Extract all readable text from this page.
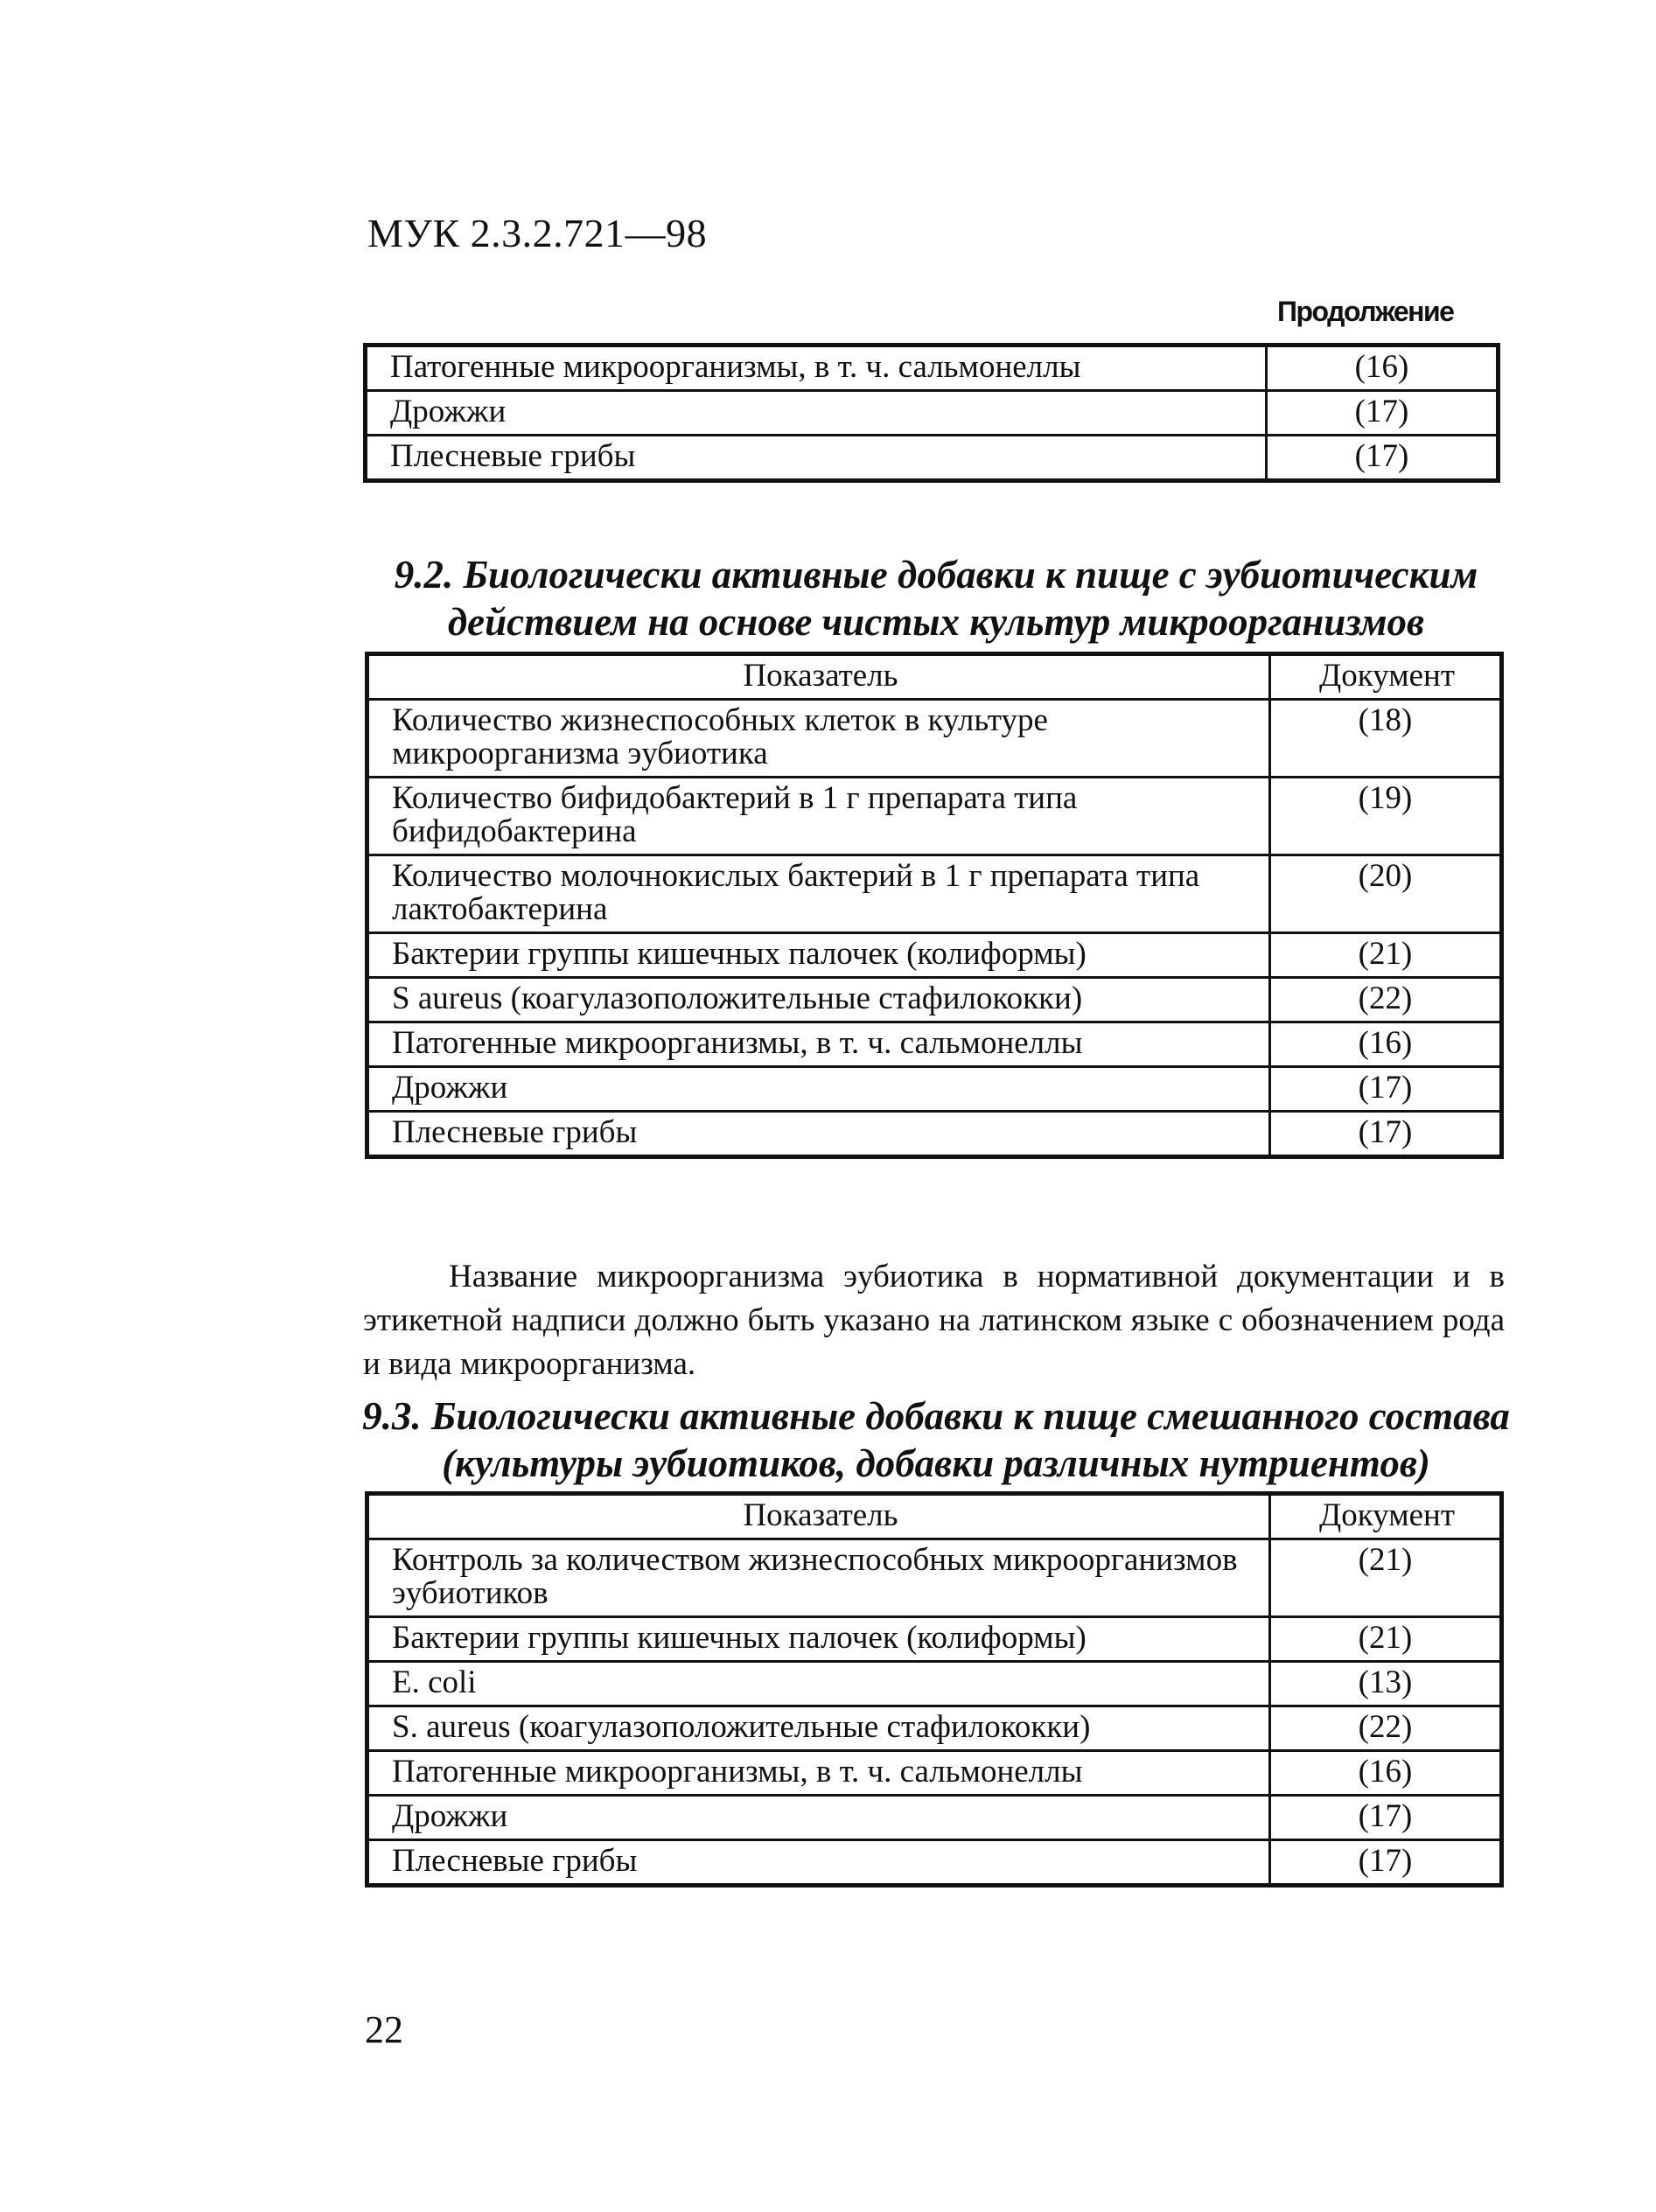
МУК 2.3.2.721—98
Продолжение
Патогенные микроорганизмы, в т. ч. сальмонеллы	(16)
Дрожжи	(17)
Плесневые грибы	(17)
9.2. Биологически активные добавки к пище с эубиотическим
действием на основе чистых культур микроорганизмов
Показатель	Документ
Количество жизнеспособных клеток в культуре микроорганизма эубиотика	(18)
Количество бифидобактерий в 1 г препарата типа бифидобактерина	(19)
Количество молочнокислых бактерий в 1 г препарата типа лактобактерина	(20)
Бактерии группы кишечных палочек (колиформы)	(21)
S aureus (коагулазоположительные стафилококки)	(22)
Патогенные микроорганизмы, в т. ч. сальмонеллы	(16)
Дрожжи	(17)
Плесневые грибы	(17)
Название микроорганизма эубиотика в нормативной документации и в этикетной надписи должно быть указано на латинском языке с обозначением рода и вида микроорганизма.
9.3. Биологически активные добавки к пище смешанного состава
(культуры эубиотиков, добавки различных нутриентов)
Показатель	Документ
Контроль за количеством жизнеспособных микроорганизмов эубиотиков	(21)
Бактерии группы кишечных палочек (колиформы)	(21)
E. coli	(13)
S. aureus (коагулазоположительные стафилококки)	(22)
Патогенные микроорганизмы, в т. ч. сальмонеллы	(16)
Дрожжи	(17)
Плесневые грибы	(17)
22
